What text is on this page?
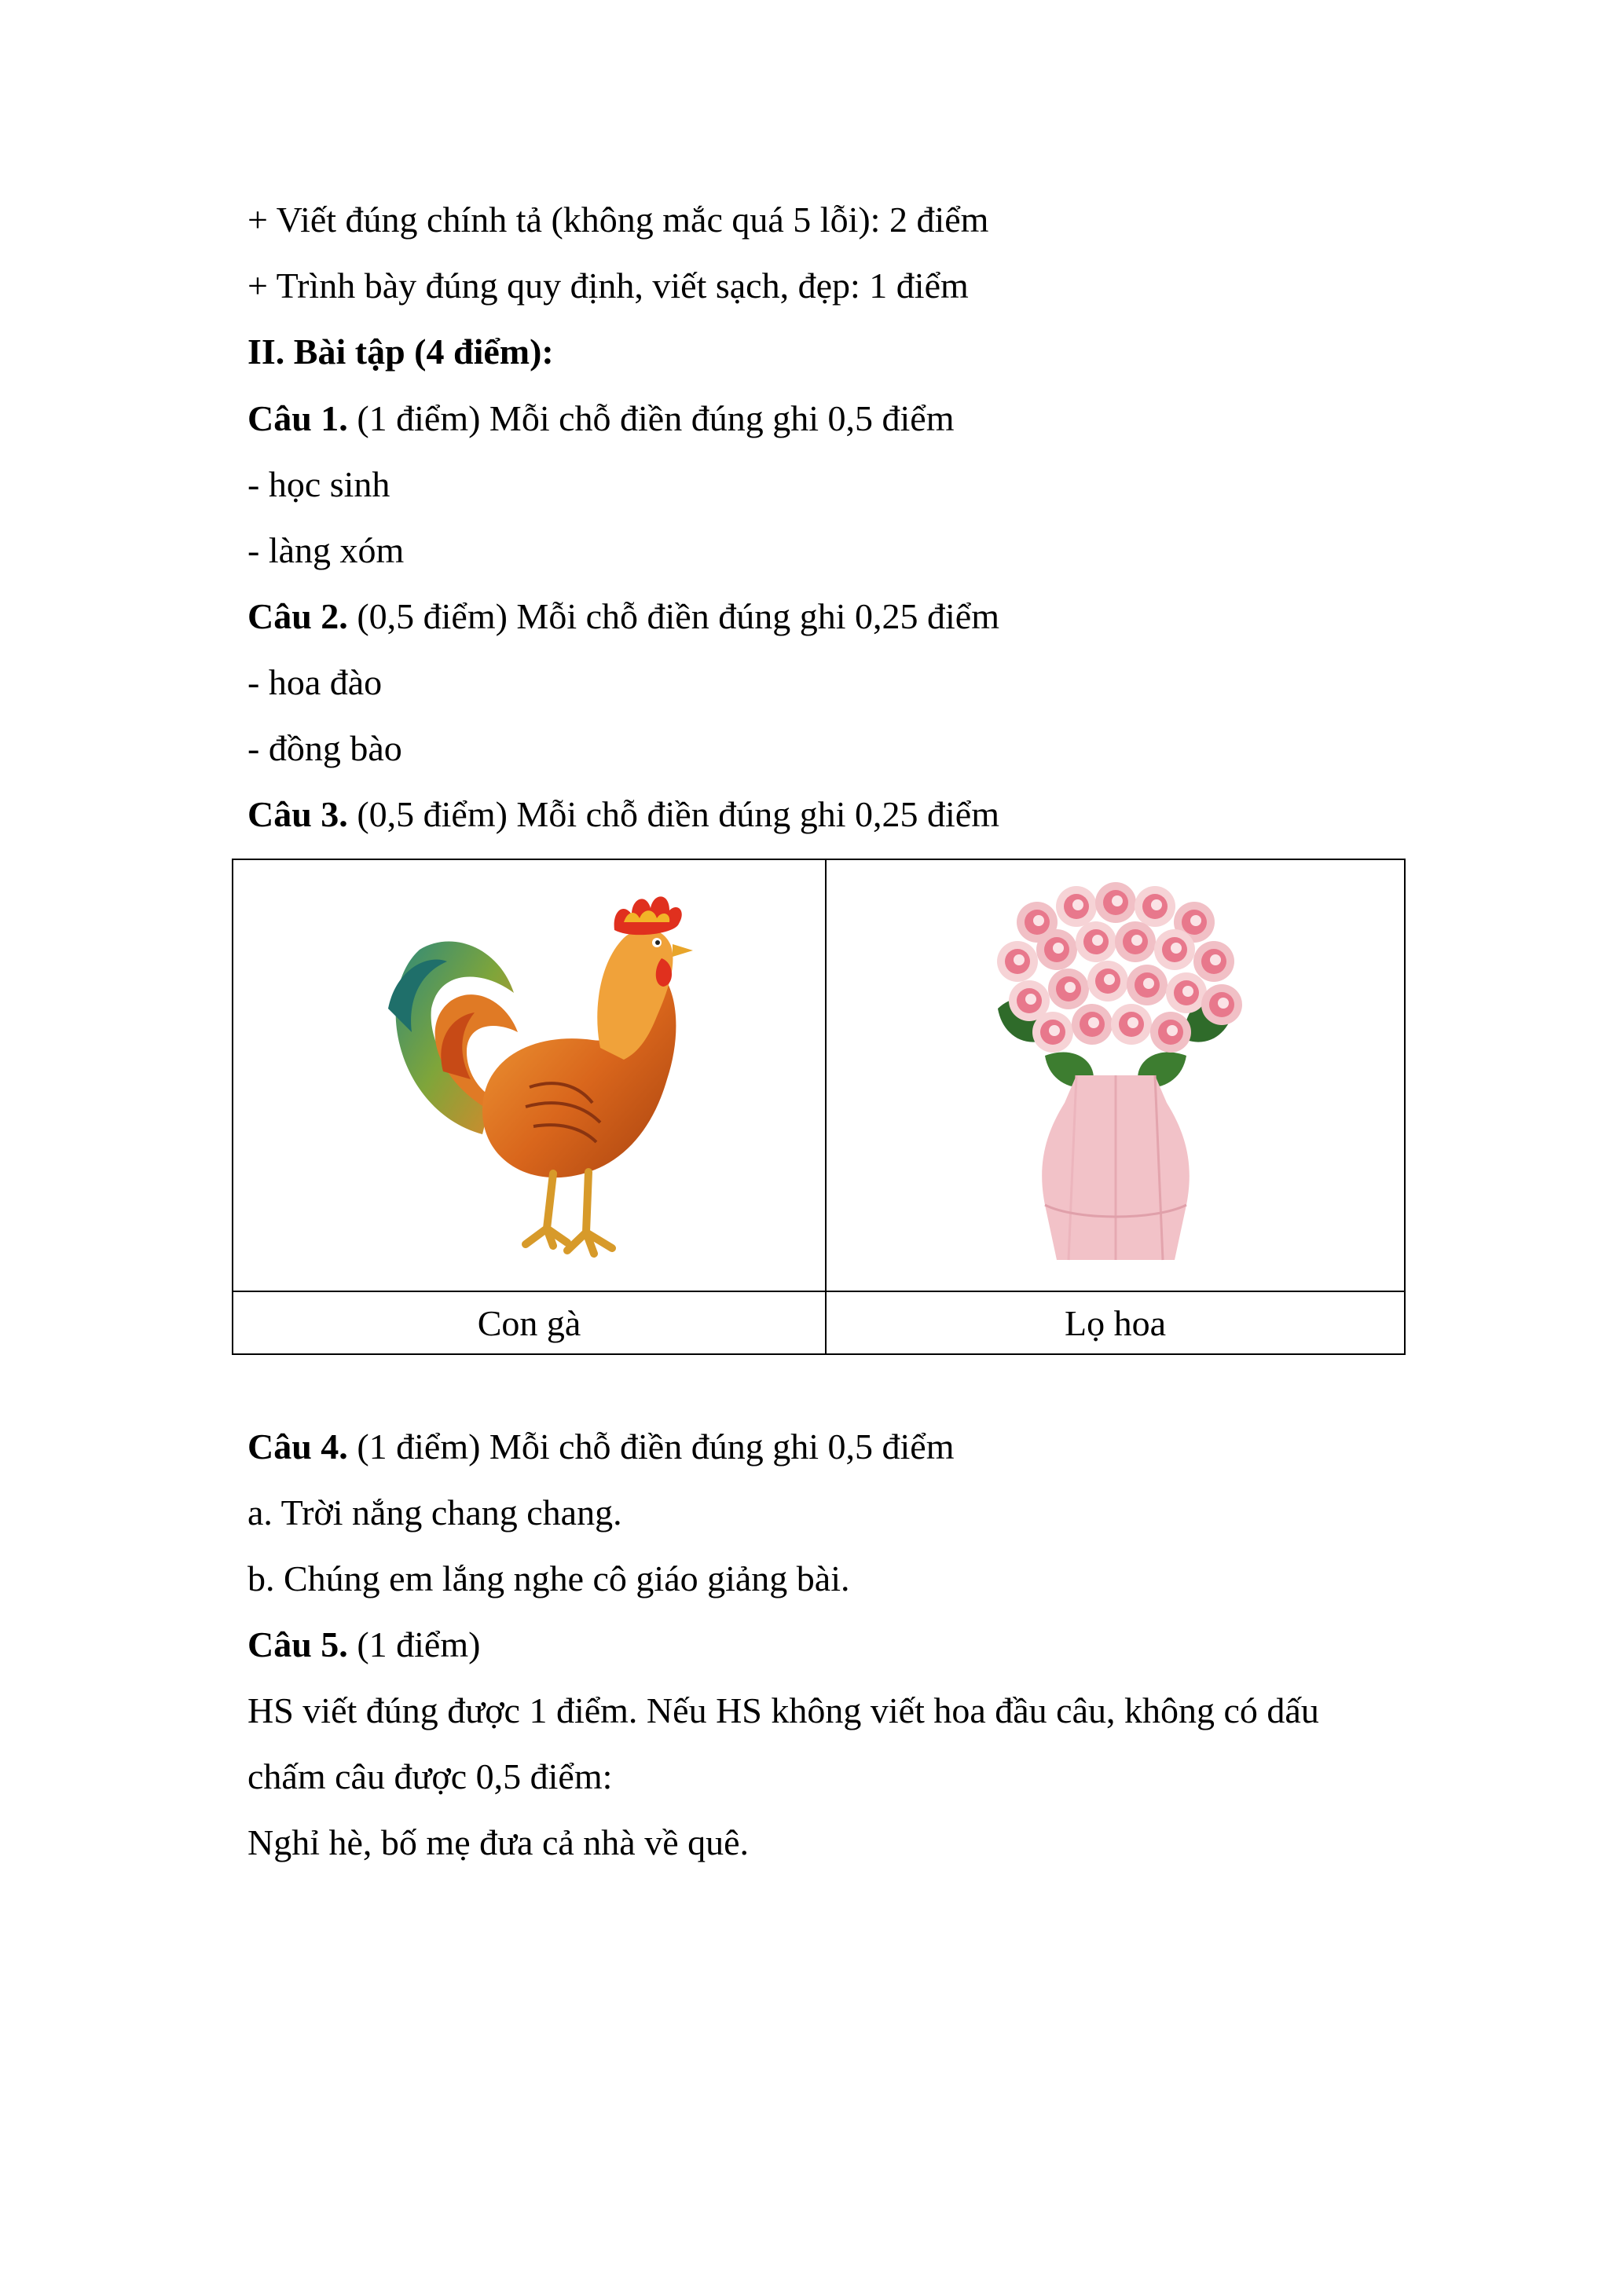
+ Viết đúng chính tả (không mắc quá 5 lỗi): 2 điểm
+ Trình bày đúng quy định, viết sạch, đẹp: 1 điểm
II. Bài tập (4 điểm):
Câu 1. (1 điểm) Mỗi chỗ điền đúng ghi 0,5 điểm
- học sinh
- làng xóm
Câu 2. (0,5 điểm) Mỗi chỗ điền đúng ghi 0,25 điểm
- hoa đào
- đồng bào
Câu 3. (0,5 điểm) Mỗi chỗ điền đúng ghi 0,25 điểm

Con gà	Lọ hoa
Câu 4. (1 điểm) Mỗi chỗ điền đúng ghi 0,5 điểm
a. Trời nắng chang chang.
b. Chúng em lắng nghe cô giáo giảng bài.
Câu 5. (1 điểm)
HS viết đúng được 1 điểm. Nếu HS không viết hoa đầu câu, không có dấu
chấm câu được 0,5 điểm:
Nghỉ hè, bố mẹ đưa cả nhà về quê.
